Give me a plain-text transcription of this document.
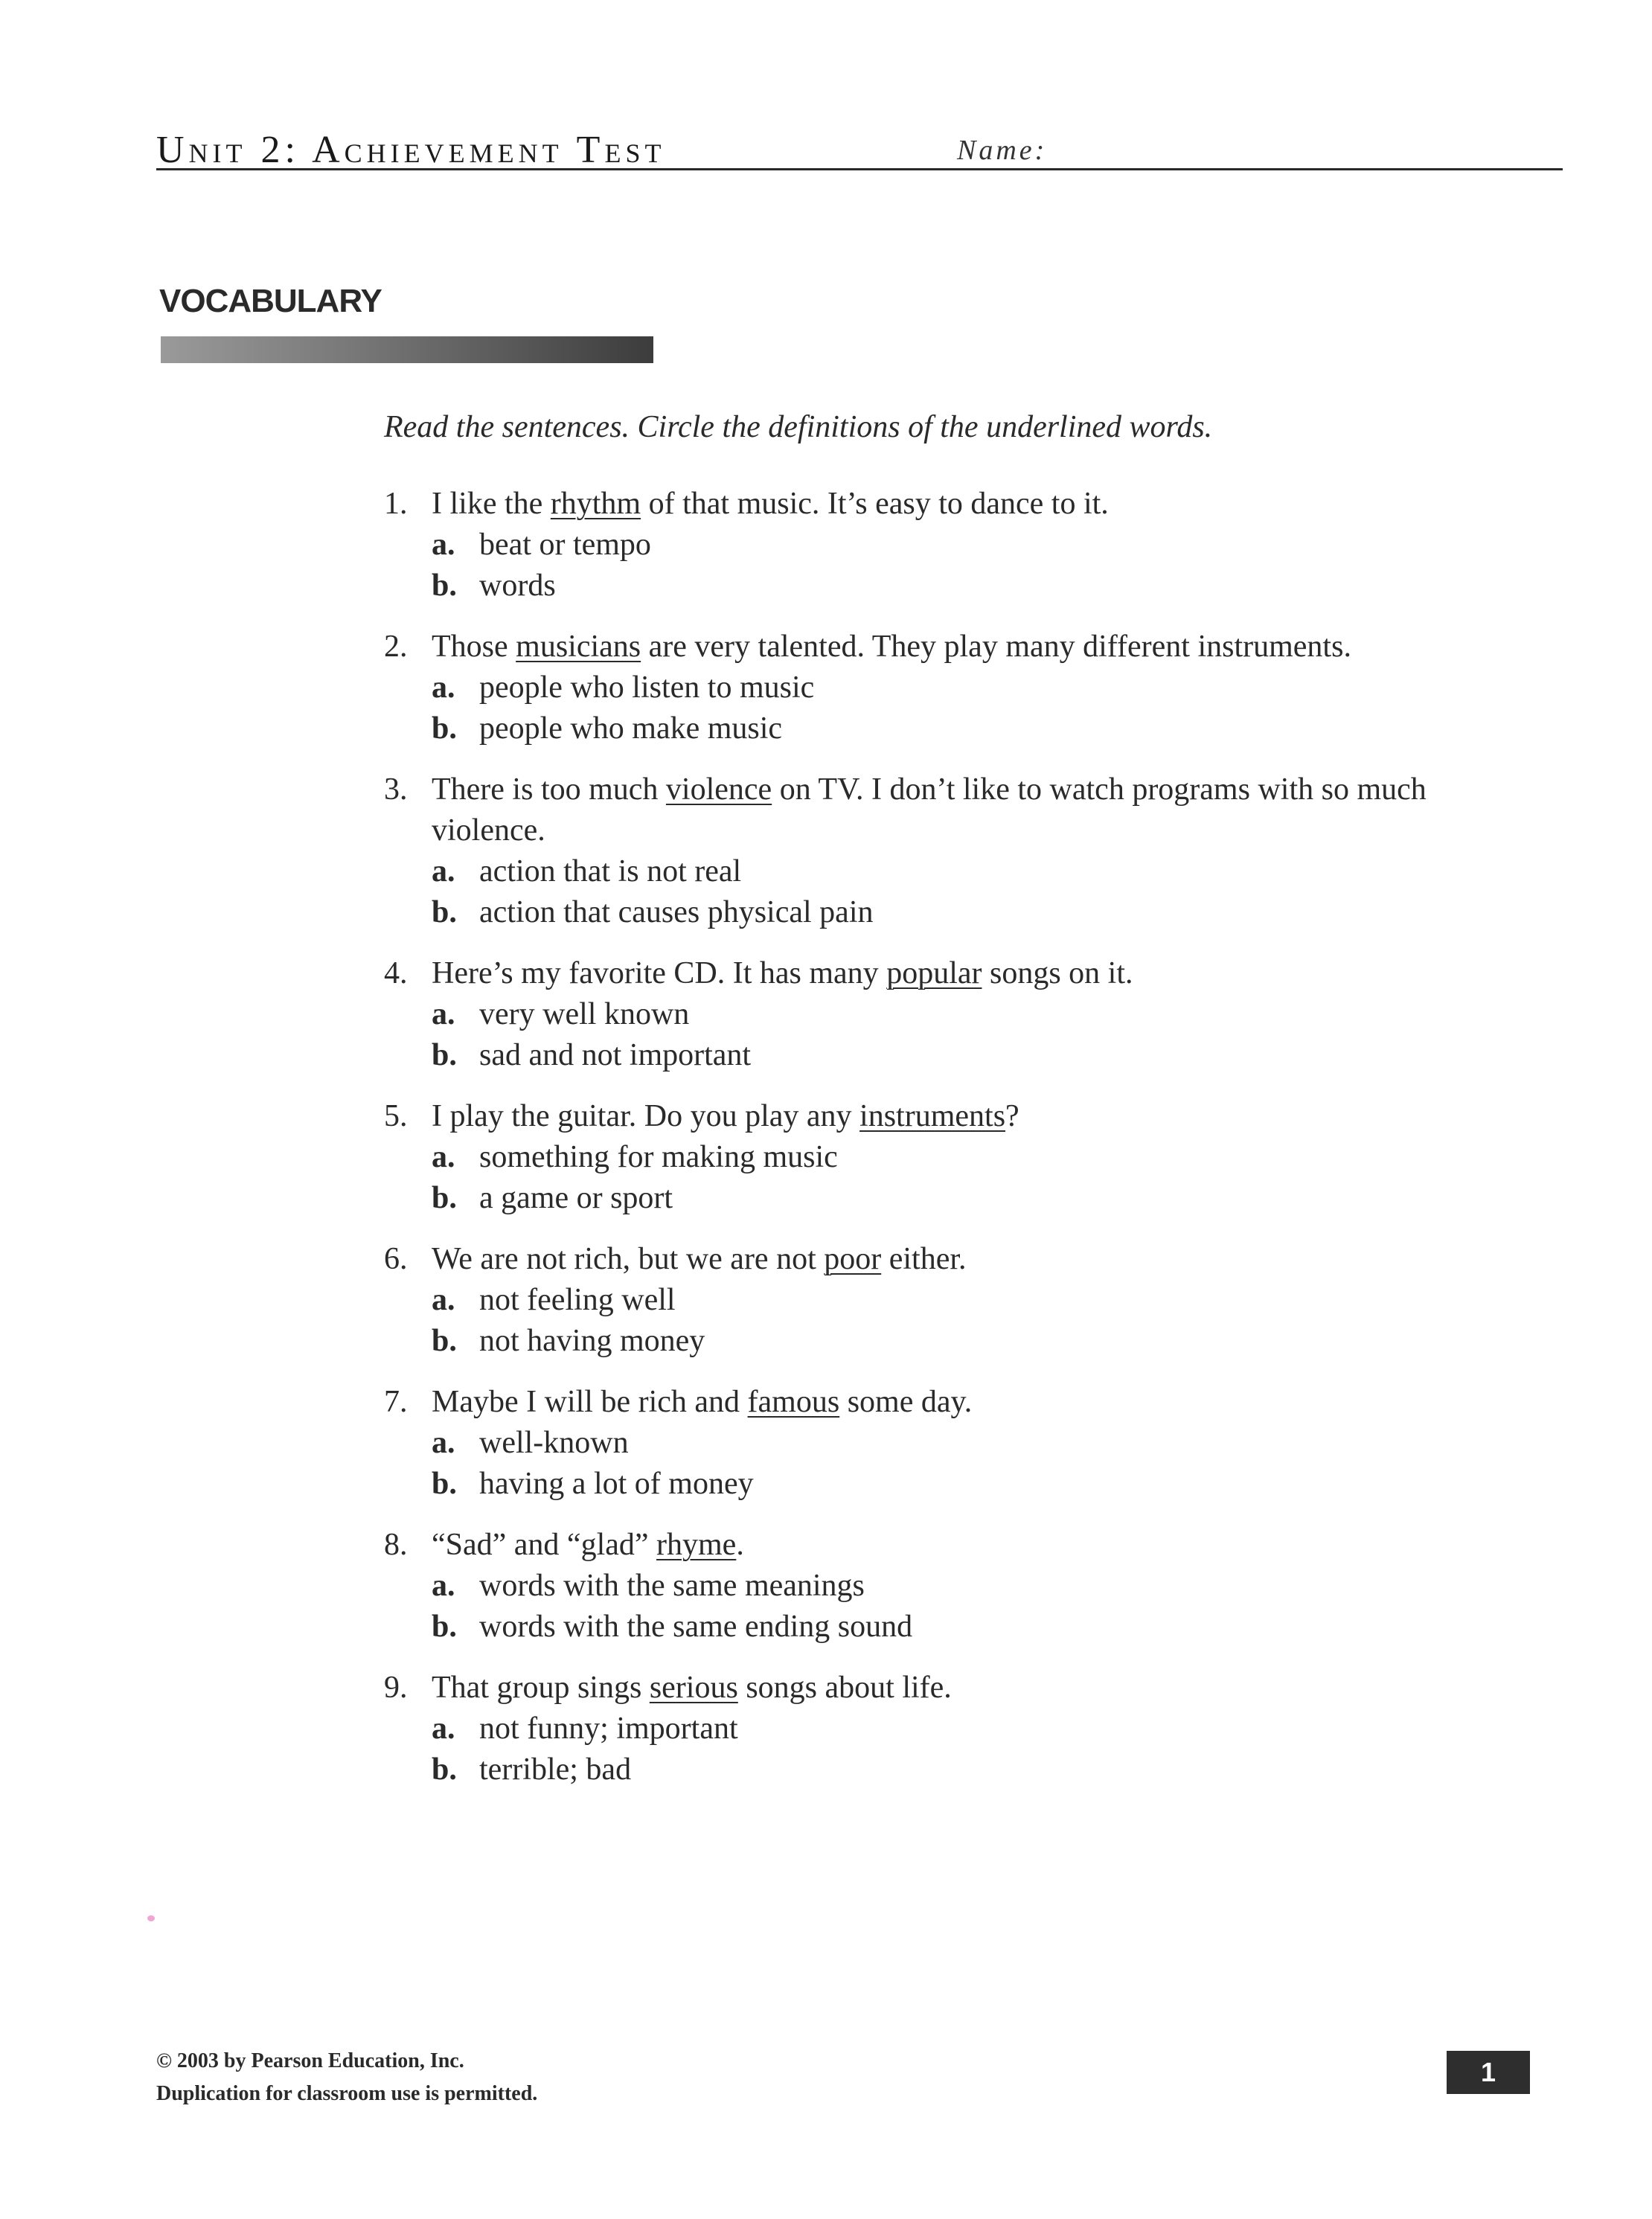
Unit 2: Achievement Test	Name:
VOCABULARY

Read the sentences. Circle the definitions of the underlined words.

1. I like the rhythm of that music. It’s easy to dance to it.
a. beat or tempo
b. words
2. Those musicians are very talented. They play many different instruments.
a. people who listen to music
b. people who make music
3. There is too much violence on TV. I don’t like to watch programs with so much violence.
a. action that is not real
b. action that causes physical pain
4. Here’s my favorite CD. It has many popular songs on it.
a. very well known
b. sad and not important
5. I play the guitar. Do you play any instruments?
a. something for making music
b. a game or sport
6. We are not rich, but we are not poor either.
a. not feeling well
b. not having money
7. Maybe I will be rich and famous some day.
a. well-known
b. having a lot of money
8. “Sad” and “glad” rhyme.
a. words with the same meanings
b. words with the same ending sound
9. That group sings serious songs about life.
a. not funny; important
b. terrible; bad
© 2003 by Pearson Education, Inc.
Duplication for classroom use is permitted.
1
